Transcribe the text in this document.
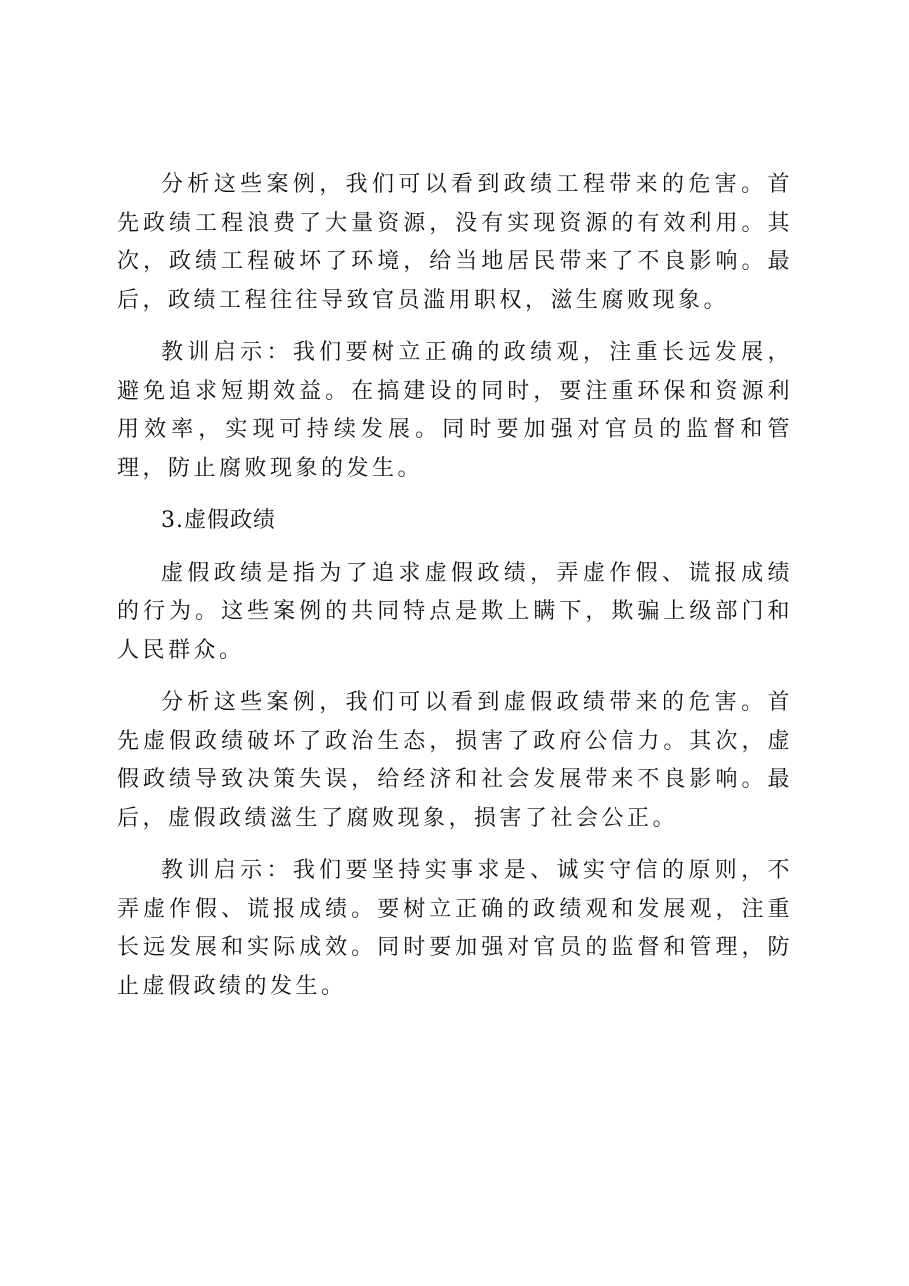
分析这些案例，我们可以看到政绩工程带来的危害。首先政绩工程浪费了大量资源，没有实现资源的有效利用。其次，政绩工程破坏了环境，给当地居民带来了不良影响。最后，政绩工程往往导致官员滥用职权，滋生腐败现象。

教训启示：我们要树立正确的政绩观，注重长远发展，避免追求短期效益。在搞建设的同时，要注重环保和资源利用效率，实现可持续发展。同时要加强对官员的监督和管理，防止腐败现象的发生。

3.虚假政绩

虚假政绩是指为了追求虚假政绩，弄虚作假、谎报成绩的行为。这些案例的共同特点是欺上瞒下，欺骗上级部门和人民群众。

分析这些案例，我们可以看到虚假政绩带来的危害。首先虚假政绩破坏了政治生态，损害了政府公信力。其次，虚假政绩导致决策失误，给经济和社会发展带来不良影响。最后，虚假政绩滋生了腐败现象，损害了社会公正。

教训启示：我们要坚持实事求是、诚实守信的原则，不弄虚作假、谎报成绩。要树立正确的政绩观和发展观，注重长远发展和实际成效。同时要加强对官员的监督和管理，防止虚假政绩的发生。
